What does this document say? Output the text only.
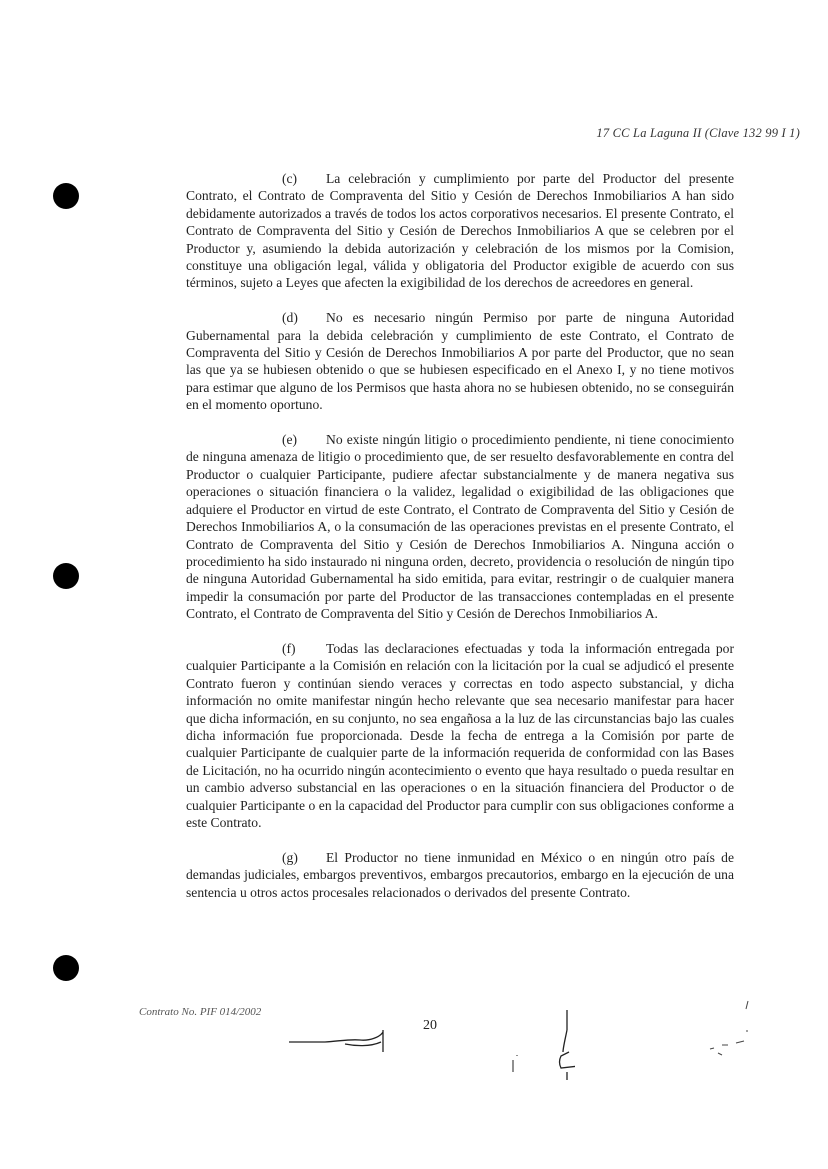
17 CC La Laguna II (Clave 132 99 I 1)

(c) La celebración y cumplimiento por parte del Productor del presente Contrato, el Contrato de Compraventa del Sitio y Cesión de Derechos Inmobiliarios A han sido debidamente autorizados a través de todos los actos corporativos necesarios. El presente Contrato, el Contrato de Compraventa del Sitio y Cesión de Derechos Inmobiliarios A que se celebren por el Productor y, asumiendo la debida autorización y celebración de los mismos por la Comision, constituye una obligación legal, válida y obligatoria del Productor exigible de acuerdo con sus términos, sujeto a Leyes que afecten la exigibilidad de los derechos de acreedores en general.

(d) No es necesario ningún Permiso por parte de ninguna Autoridad Gubernamental para la debida celebración y cumplimiento de este Contrato, el Contrato de Compraventa del Sitio y Cesión de Derechos Inmobiliarios A por parte del Productor, que no sean las que ya se hubiesen obtenido o que se hubiesen especificado en el Anexo I, y no tiene motivos para estimar que alguno de los Permisos que hasta ahora no se hubiesen obtenido, no se conseguirán en el momento oportuno.

(e) No existe ningún litigio o procedimiento pendiente, ni tiene conocimiento de ninguna amenaza de litigio o procedimiento que, de ser resuelto desfavorablemente en contra del Productor o cualquier Participante, pudiere afectar substancialmente y de manera negativa sus operaciones o situación financiera o la validez, legalidad o exigibilidad de las obligaciones que adquiere el Productor en virtud de este Contrato, el Contrato de Compraventa del Sitio y Cesión de Derechos Inmobiliarios A, o la consumación de las operaciones previstas en el presente Contrato, el Contrato de Compraventa del Sitio y Cesión de Derechos Inmobiliarios A. Ninguna acción o procedimiento ha sido instaurado ni ninguna orden, decreto, providencia o resolución de ningún tipo de ninguna Autoridad Gubernamental ha sido emitida, para evitar, restringir o de cualquier manera impedir la consumación por parte del Productor de las transacciones contempladas en el presente Contrato, el Contrato de Compraventa del Sitio y Cesión de Derechos Inmobiliarios A.

(f) Todas las declaraciones efectuadas y toda la información entregada por cualquier Participante a la Comisión en relación con la licitación por la cual se adjudicó el presente Contrato fueron y continúan siendo veraces y correctas en todo aspecto substancial, y dicha información no omite manifestar ningún hecho relevante que sea necesario manifestar para hacer que dicha información, en su conjunto, no sea engañosa a la luz de las circunstancias bajo las cuales dicha información fue proporcionada. Desde la fecha de entrega a la Comisión por parte de cualquier Participante de cualquier parte de la información requerida de conformidad con las Bases de Licitación, no ha ocurrido ningún acontecimiento o evento que haya resultado o pueda resultar en un cambio adverso substancial en las operaciones o en la situación financiera del Productor o de cualquier Participante o en la capacidad del Productor para cumplir con sus obligaciones conforme a este Contrato.

(g) El Productor no tiene inmunidad en México o en ningún otro país de demandas judiciales, embargos preventivos, embargos precautorios, embargo en la ejecución de una sentencia u otros actos procesales relacionados o derivados del presente Contrato.

Contrato No. PIF 014/2002
20
